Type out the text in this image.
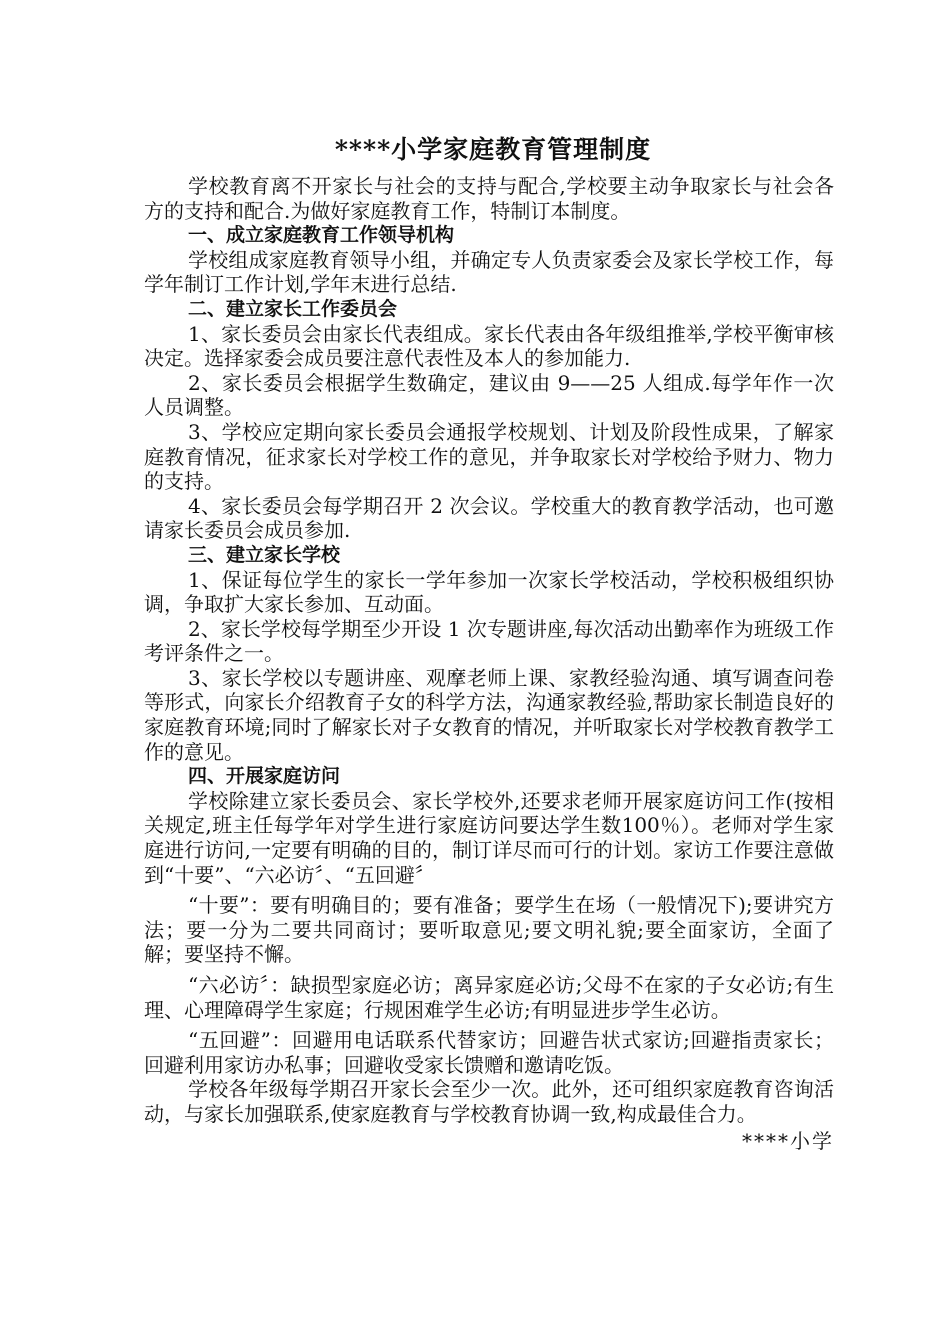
****小学家庭教育管理制度

学校教育离不开家长与社会的支持与配合,学校要主动争取家长与社会各方的支持和配合.为做好家庭教育工作，特制订本制度。

一、成立家庭教育工作领导机构

学校组成家庭教育领导小组，并确定专人负责家委会及家长学校工作，每学年制订工作计划,学年末进行总结.

二、建立家长工作委员会

1、家长委员会由家长代表组成。家长代表由各年级组推举,学校平衡审核决定。选择家委会成员要注意代表性及本人的参加能力.

2、家长委员会根据学生数确定，建议由 9——25 人组成.每学年作一次人员调整。

3、学校应定期向家长委员会通报学校规划、计划及阶段性成果，了解家庭教育情况，征求家长对学校工作的意见，并争取家长对学校给予财力、物力的支持。

4、家长委员会每学期召开 2 次会议。学校重大的教育教学活动，也可邀请家长委员会成员参加.

三、建立家长学校

1、保证每位学生的家长一学年参加一次家长学校活动，学校积极组织协调，争取扩大家长参加、互动面。

2、家长学校每学期至少开设 1 次专题讲座,每次活动出勤率作为班级工作考评条件之一。

3、家长学校以专题讲座、观摩老师上课、家教经验沟通、填写调查问卷等形式，向家长介绍教育子女的科学方法，沟通家教经验,帮助家长制造良好的家庭教育环境;同时了解家长对子女教育的情况，并听取家长对学校教育教学工作的意见。

四、开展家庭访问

学校除建立家长委员会、家长学校外,还要求老师开展家庭访问工作(按相关规定,班主任每学年对学生进行家庭访问要达学生数100％）。老师对学生家庭进行访问,一定要有明确的目的，制订详尽而可行的计划。家访工作要注意做到“十要”、“六必访〞、“五回避〞

“十要”：要有明确目的；要有准备；要学生在场（一般情况下);要讲究方法；要一分为二要共同商讨；要听取意见;要文明礼貌;要全面家访，全面了解；要坚持不懈。

“六必访〞：缺损型家庭必访；离异家庭必访;父母不在家的子女必访;有生理、心理障碍学生家庭；行规困难学生必访;有明显进步学生必访。

“五回避”：回避用电话联系代替家访；回避告状式家访;回避指责家长；回避利用家访办私事；回避收受家长馈赠和邀请吃饭。

学校各年级每学期召开家长会至少一次。此外，还可组织家庭教育咨询活动，与家长加强联系,使家庭教育与学校教育协调一致,构成最佳合力。

****小学
